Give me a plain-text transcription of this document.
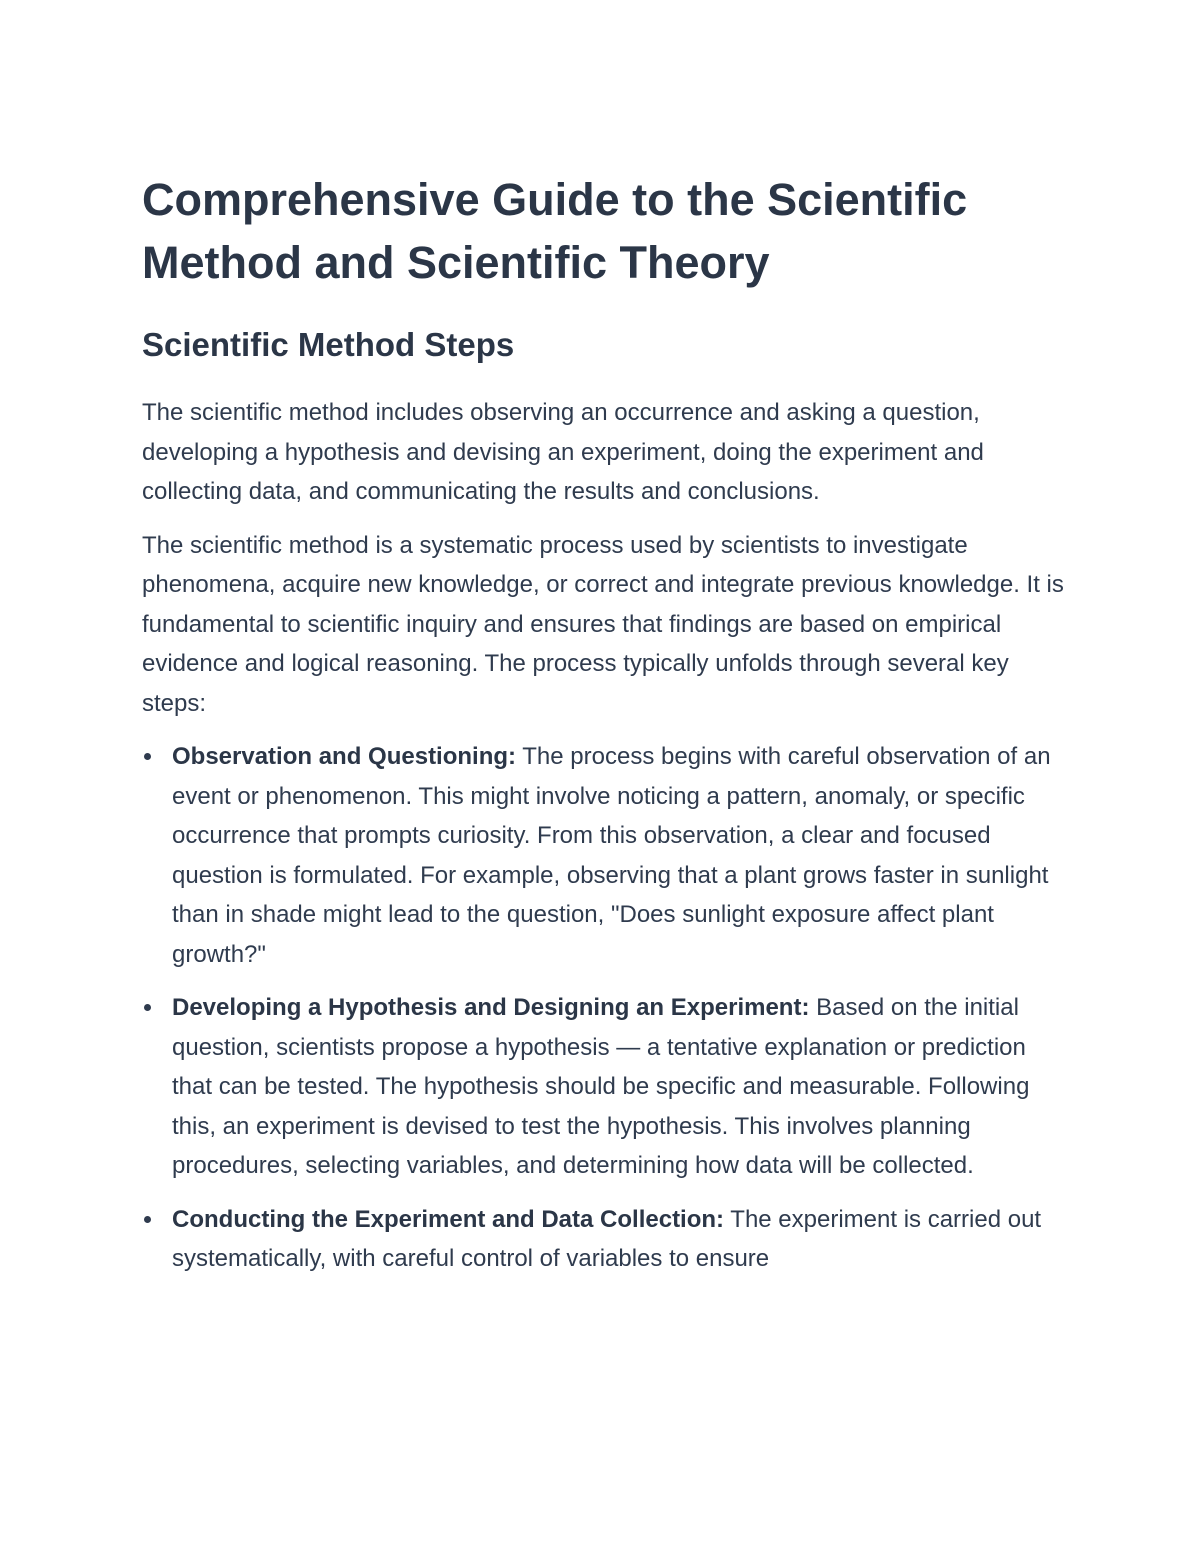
Comprehensive Guide to the Scientific Method and Scientific Theory
Scientific Method Steps

The scientific method includes observing an occurrence and asking a question, developing a hypothesis and devising an experiment, doing the experiment and collecting data, and communicating the results and conclusions.

The scientific method is a systematic process used by scientists to investigate phenomena, acquire new knowledge, or correct and integrate previous knowledge. It is fundamental to scientific inquiry and ensures that findings are based on empirical evidence and logical reasoning. The process typically unfolds through several key steps:

Observation and Questioning: The process begins with careful observation of an event or phenomenon. This might involve noticing a pattern, anomaly, or specific occurrence that prompts curiosity. From this observation, a clear and focused question is formulated. For example, observing that a plant grows faster in sunlight than in shade might lead to the question, "Does sunlight exposure affect plant growth?"
Developing a Hypothesis and Designing an Experiment: Based on the initial question, scientists propose a hypothesis — a tentative explanation or prediction that can be tested. The hypothesis should be specific and measurable. Following this, an experiment is devised to test the hypothesis. This involves planning procedures, selecting variables, and determining how data will be collected.
Conducting the Experiment and Data Collection: The experiment is carried out systematically, with careful control of variables to ensure
